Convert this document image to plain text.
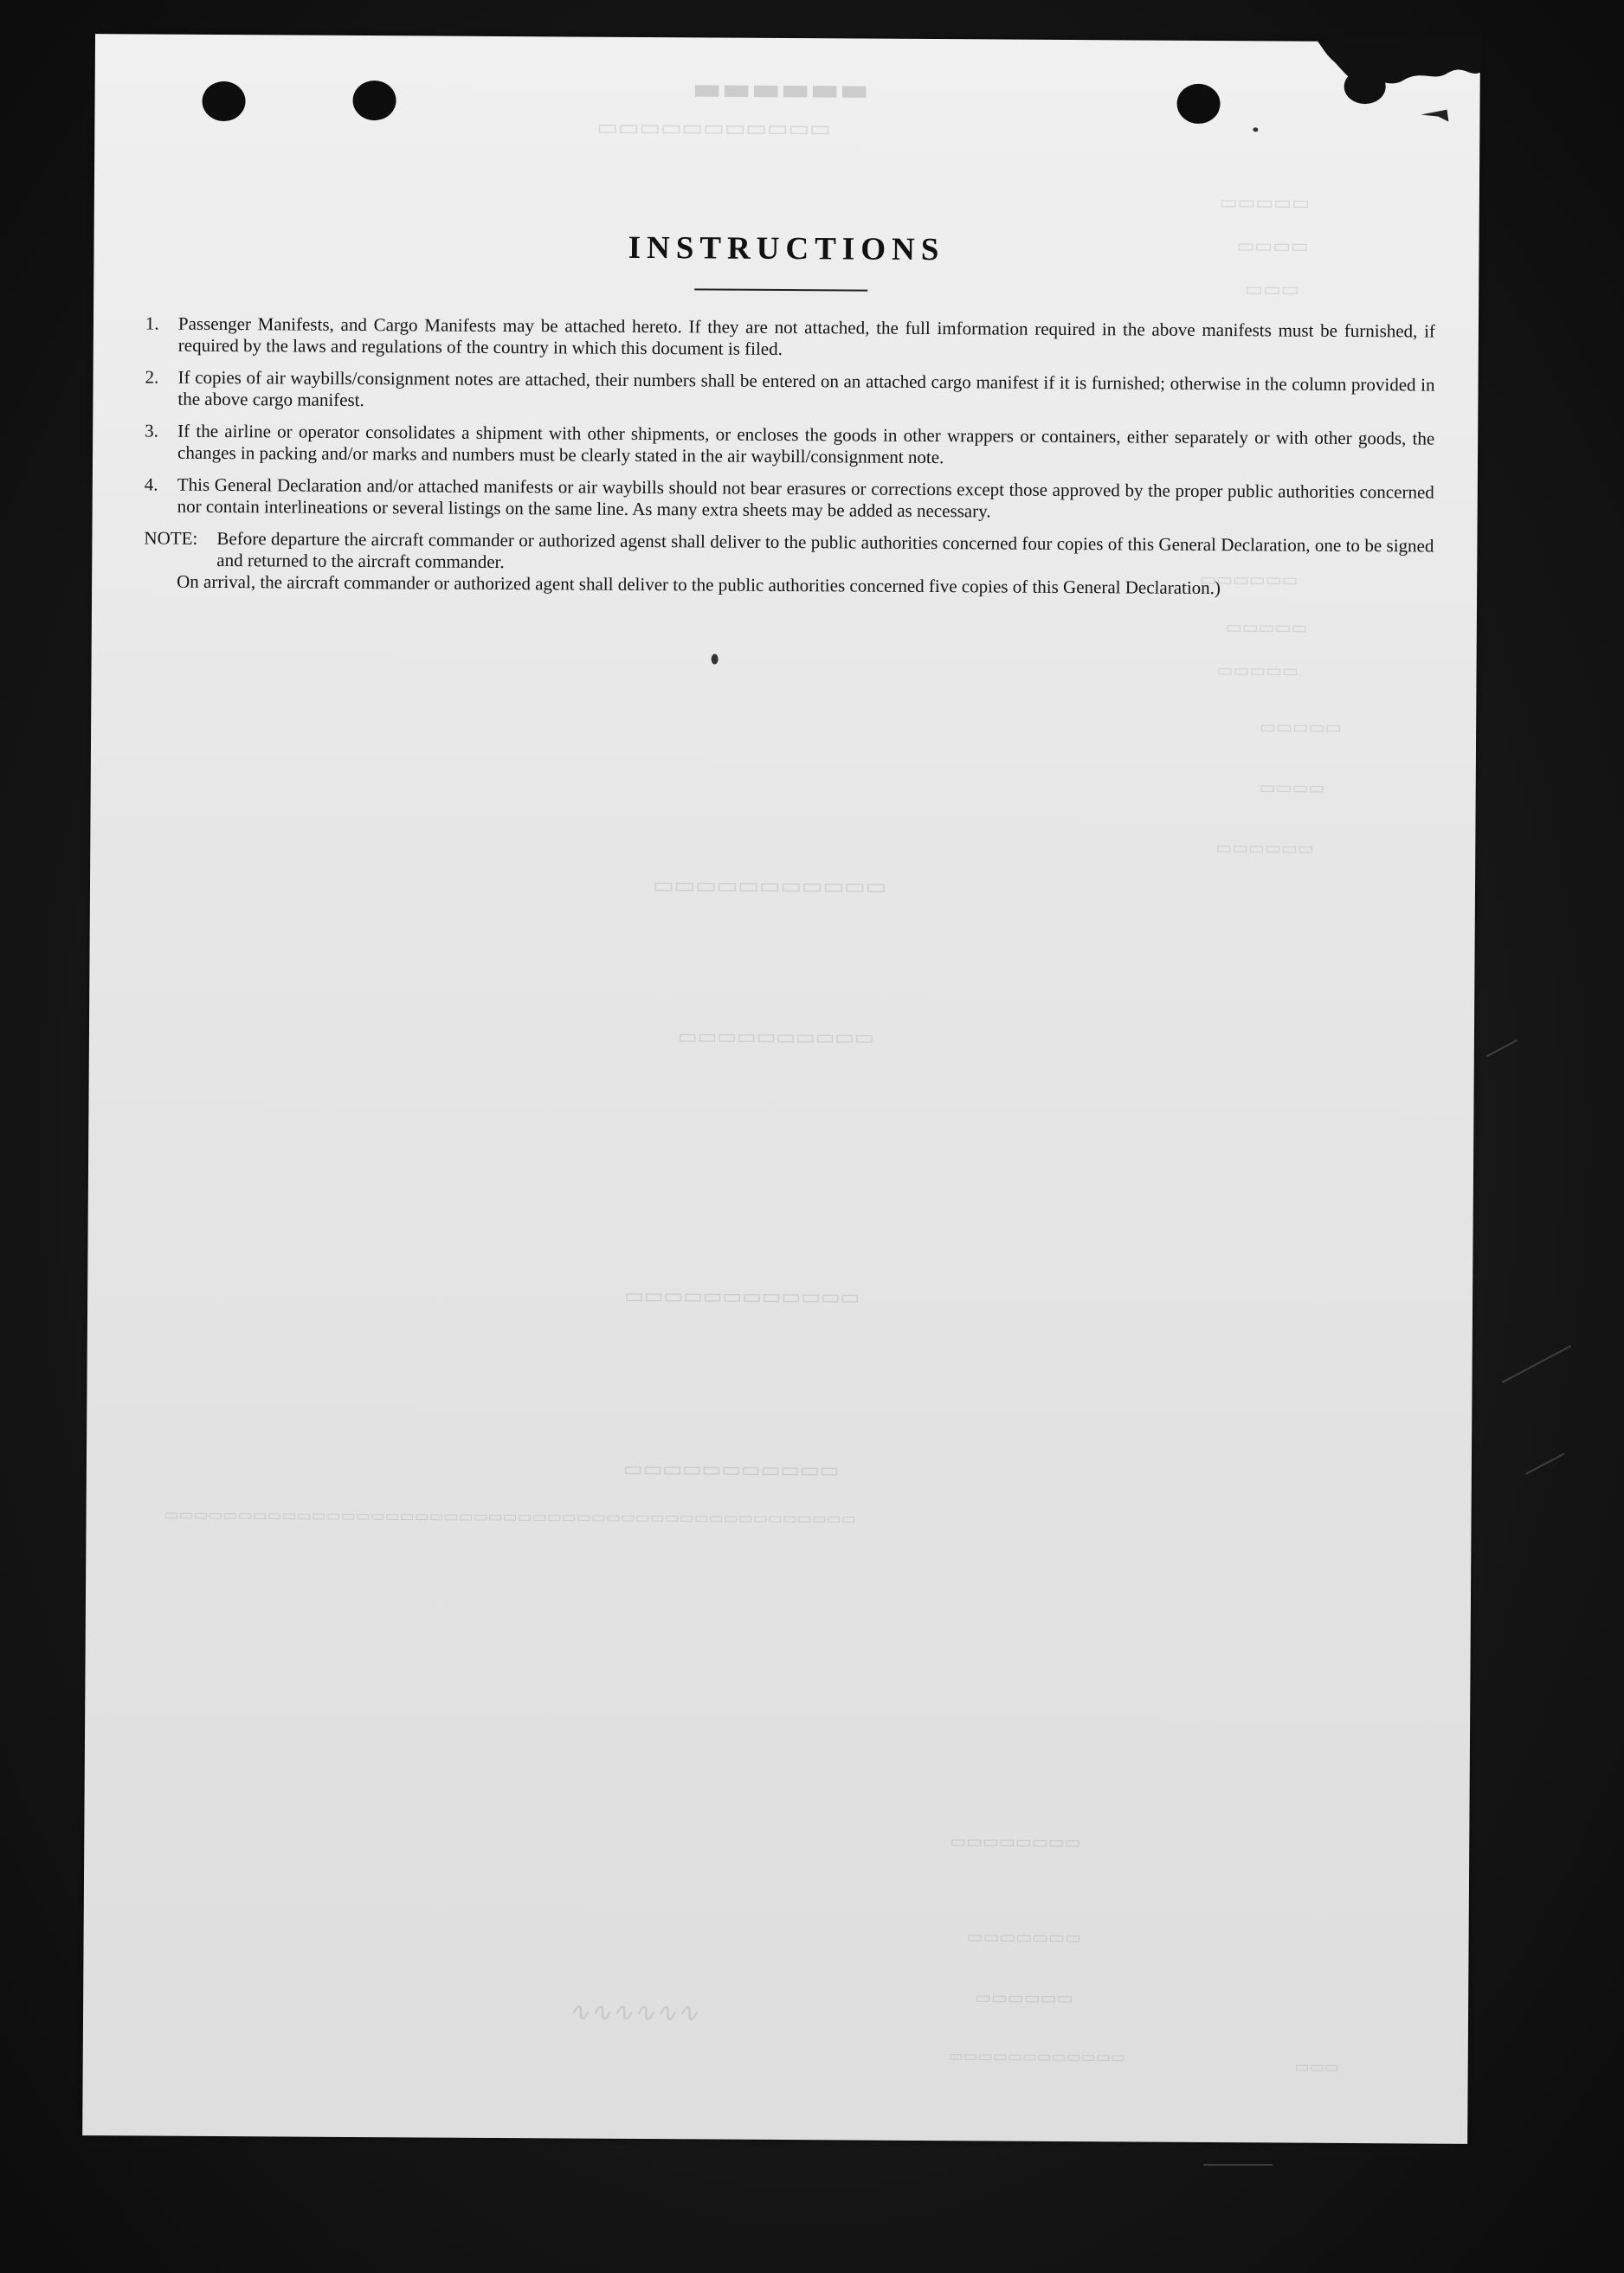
▬▬▬▬▬▬
▭▭▭▭▭▭▭▭▭▭▭
▭▭▭▭▭
▭▭▭▭
▭▭▭
▭▭▭▭▭▭
▭▭▭▭▭
▭▭▭▭▭
▭▭▭▭▭
▭▭▭▭
▭▭▭▭▭▭
▭▭▭▭▭▭▭▭▭▭▭
▭▭▭▭▭▭▭▭▭▭
▭▭▭▭▭▭▭▭▭▭▭▭
▭▭▭▭▭▭▭▭▭▭▭
▭▭▭▭▭▭▭▭▭▭▭▭▭▭▭▭▭▭▭▭▭▭▭▭▭▭▭▭▭▭▭▭▭▭▭▭▭▭▭▭▭▭▭▭▭▭▭
▭▭▭▭▭▭▭▭
▭▭▭▭▭▭▭
▭▭▭▭▭▭
∿∿∿∿∿∿
▭▭▭▭▭▭▭▭▭▭▭▭
▭▭▭
INSTRUCTIONS
1.	Passenger Manifests, and Cargo Manifests may be attached hereto. If they are not attached, the full imformation required in the above manifests must be furnished, if required by the laws and regulations of the country in which this document is filed.
2.	If copies of air waybills/consignment notes are attached, their numbers shall be entered on an attached cargo manifest if it is furnished; otherwise in the column provided in the above cargo manifest.
3.	If the airline or operator consolidates a shipment with other shipments, or encloses the goods in other wrappers or containers, either separately or with other goods, the changes in packing and/or marks and numbers must be clearly stated in the air waybill/consignment note.
4.	This General Declaration and/or attached manifests or air waybills should not bear erasures or corrections except those approved by the proper public authorities concerned nor contain interlineations or several listings on the same line. As many extra sheets may be added as necessary.
NOTE:	Before departure the aircraft commander or authorized agenst shall deliver to the public authorities concerned four copies of this General Declaration, one to be signed and returned to the aircraft commander.
On arrival, the aircraft commander or authorized agent shall deliver to the public authorities concerned five copies of this General Declaration.)
